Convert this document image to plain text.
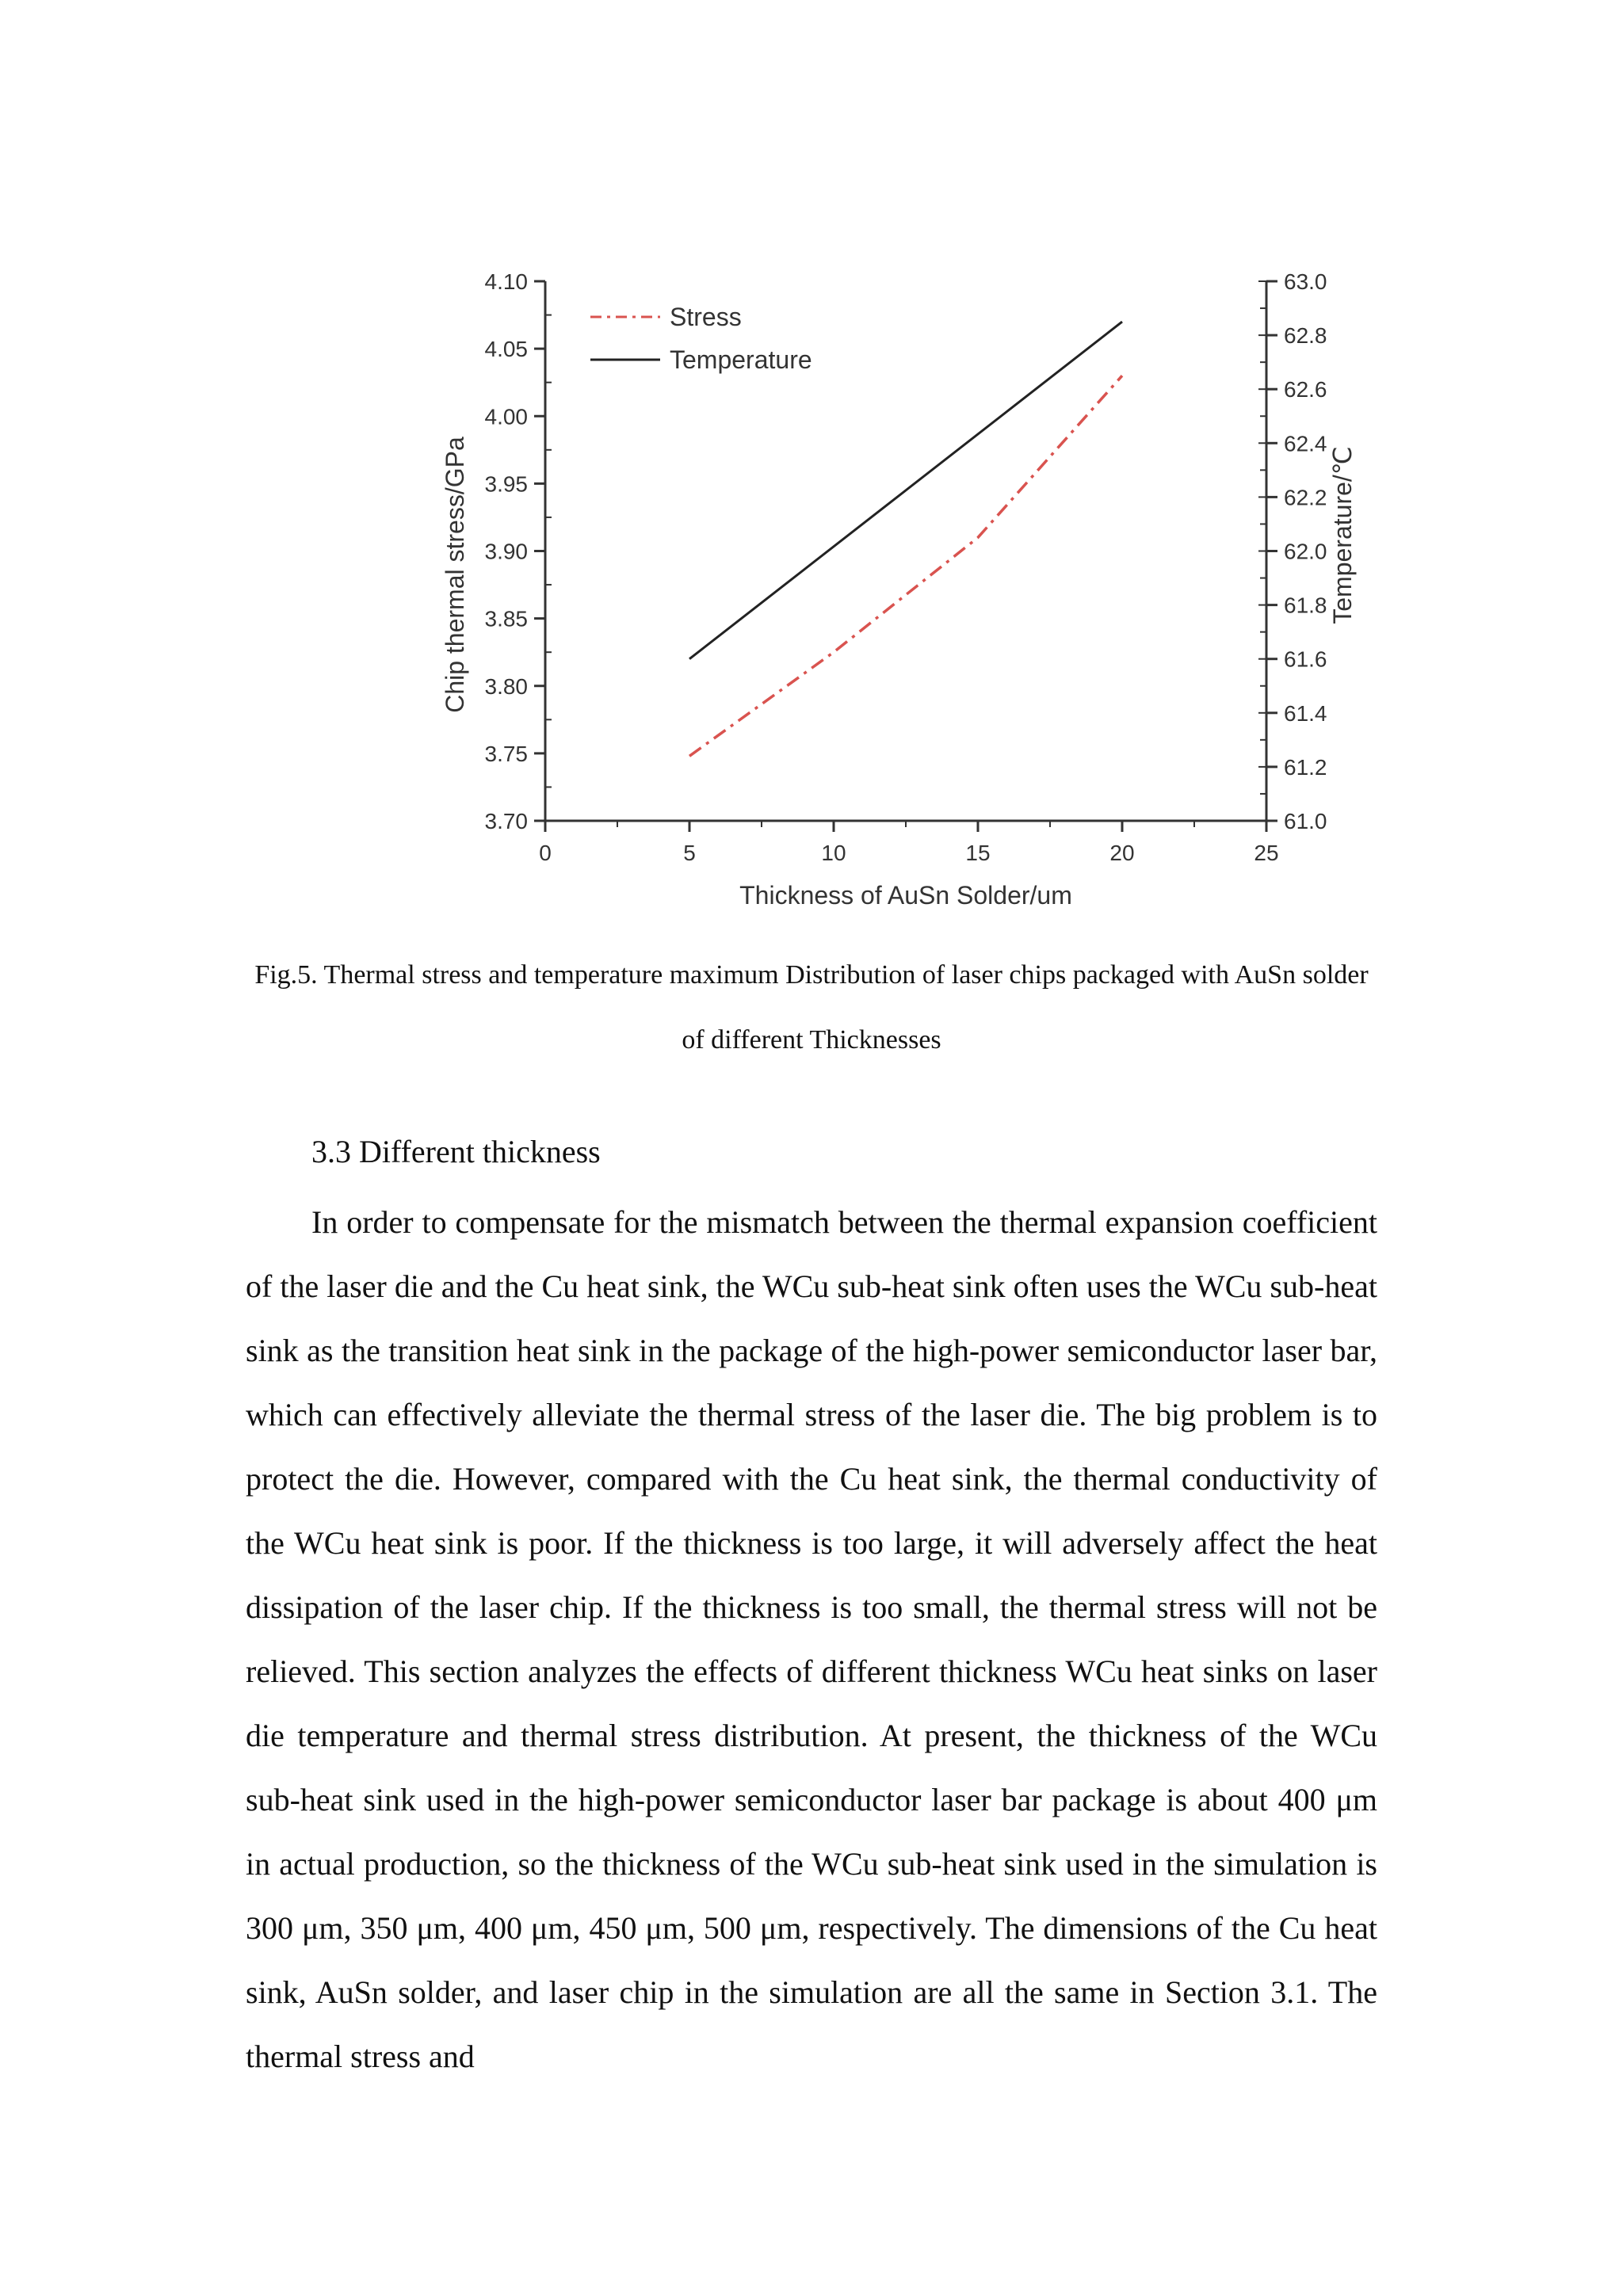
0	5	10	15	20	25
3.70
3.75
3.80
3.85
3.90
3.95
4.00
4.05
4.10
61.0
61.2
61.4
61.6
61.8
62.0
62.2
62.4
62.6
62.8
63.0
Stress
Temperature
Thickness of AuSn Solder/um
Chip thermal stress/GPa	Temperature/℃

Fig.5. Thermal stress and temperature maximum Distribution of laser chips packaged with AuSn solder of different Thicknesses

3.3 Different thickness

In order to compensate for the mismatch between the thermal expansion coefficient of the laser die and the Cu heat sink, the WCu sub-heat sink often uses the WCu sub-heat sink as the transition heat sink in the package of the high-power semiconductor laser bar, which can effectively alleviate the thermal stress of the laser die. The big problem is to protect the die. However, compared with the Cu heat sink, the thermal conductivity of the WCu heat sink is poor. If the thickness is too large, it will adversely affect the heat dissipation of the laser chip. If the thickness is too small, the thermal stress will not be relieved. This section analyzes the effects of different thickness WCu heat sinks on laser die temperature and thermal stress distribution. At present, the thickness of the WCu sub-heat sink used in the high-power semiconductor laser bar package is about 400 μm in actual production, so the thickness of the WCu sub-heat sink used in the simulation is 300 μm, 350 μm, 400 μm, 450 μm, 500 μm, respectively. The dimensions of the Cu heat sink, AuSn solder, and laser chip in the simulation are all the same in Section 3.1. The thermal stress and
